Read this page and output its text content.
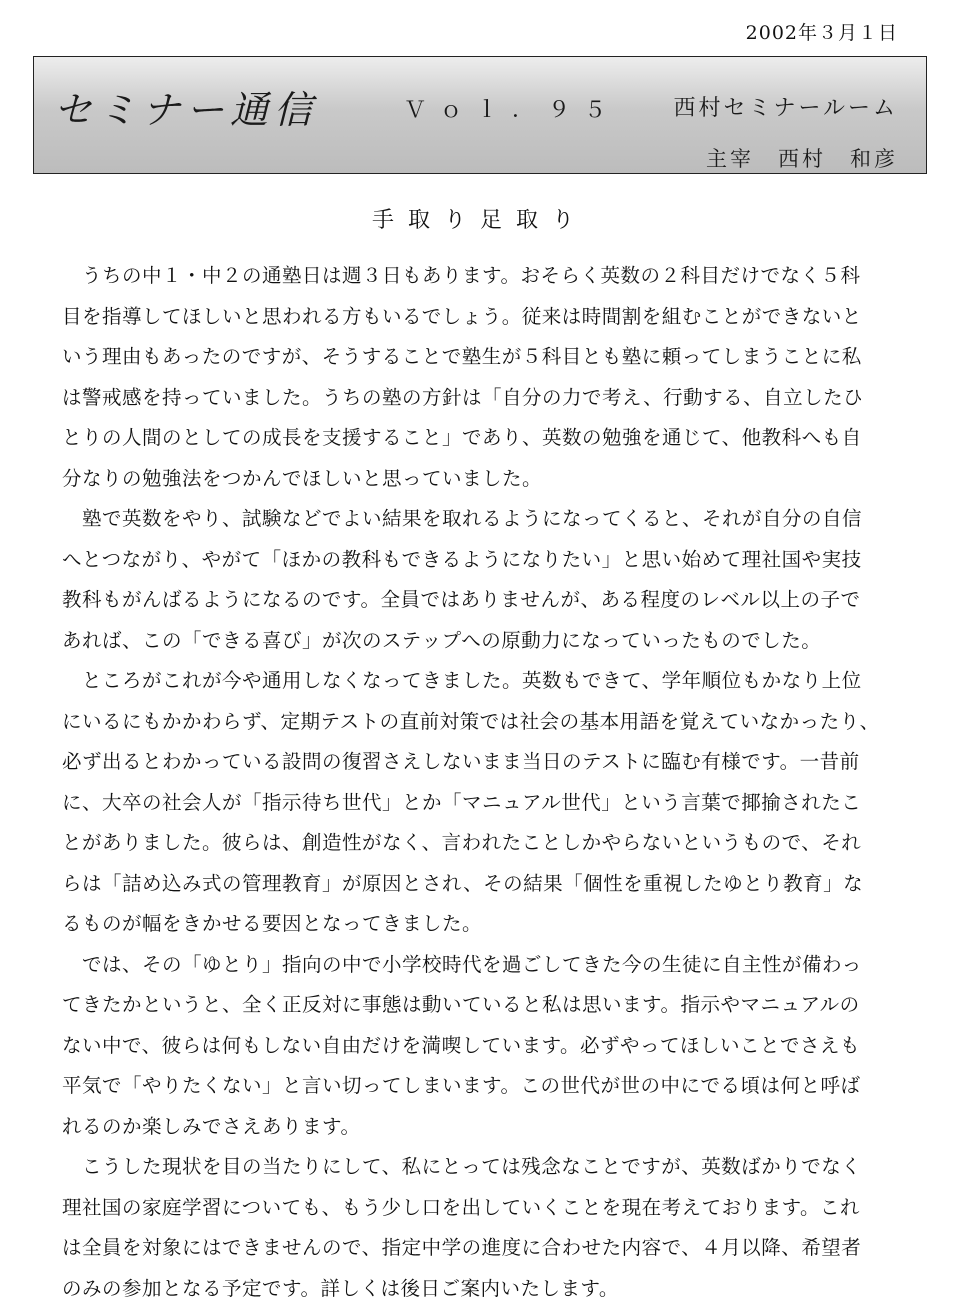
2002年３月１日
セミナー通信	Ｖｏｌ．９５ 西村セミナールーム
主宰　西村　和彦
手取り足取り
　うちの中１・中２の通塾日は週３日もあります。おそらく英数の２科目だけでなく５科
目を指導してほしいと思われる方もいるでしょう。従来は時間割を組むことができないと
いう理由もあったのですが、そうすることで塾生が５科目とも塾に頼ってしまうことに私
は警戒感を持っていました。うちの塾の方針は「自分の力で考え、行動する、自立したひ
とりの人間のとしての成長を支援すること」であり、英数の勉強を通じて、他教科へも自
分なりの勉強法をつかんでほしいと思っていました。
　塾で英数をやり、試験などでよい結果を取れるようになってくると、それが自分の自信
へとつながり、やがて「ほかの教科もできるようになりたい」と思い始めて理社国や実技
教科もがんばるようになるのです。全員ではありませんが、ある程度のレベル以上の子で
あれば、この「できる喜び」が次のステップへの原動力になっていったものでした。
　ところがこれが今や通用しなくなってきました。英数もできて、学年順位もかなり上位
にいるにもかかわらず、定期テストの直前対策では社会の基本用語を覚えていなかったり、
必ず出るとわかっている設問の復習さえしないまま当日のテストに臨む有様です。一昔前
に、大卒の社会人が「指示待ち世代」とか「マニュアル世代」という言葉で揶揄されたこ
とがありました。彼らは、創造性がなく、言われたことしかやらないというもので、それ
らは「詰め込み式の管理教育」が原因とされ、その結果「個性を重視したゆとり教育」な
るものが幅をきかせる要因となってきました。
　では、その「ゆとり」指向の中で小学校時代を過ごしてきた今の生徒に自主性が備わっ
てきたかというと、全く正反対に事態は動いていると私は思います。指示やマニュアルの
ない中で、彼らは何もしない自由だけを満喫しています。必ずやってほしいことでさえも
平気で「やりたくない」と言い切ってしまいます。この世代が世の中にでる頃は何と呼ば
れるのか楽しみでさえあります。
　こうした現状を目の当たりにして、私にとっては残念なことですが、英数ばかりでなく
理社国の家庭学習についても、もう少し口を出していくことを現在考えております。これ
は全員を対象にはできませんので、指定中学の進度に合わせた内容で、４月以降、希望者
のみの参加となる予定です。詳しくは後日ご案内いたします。
